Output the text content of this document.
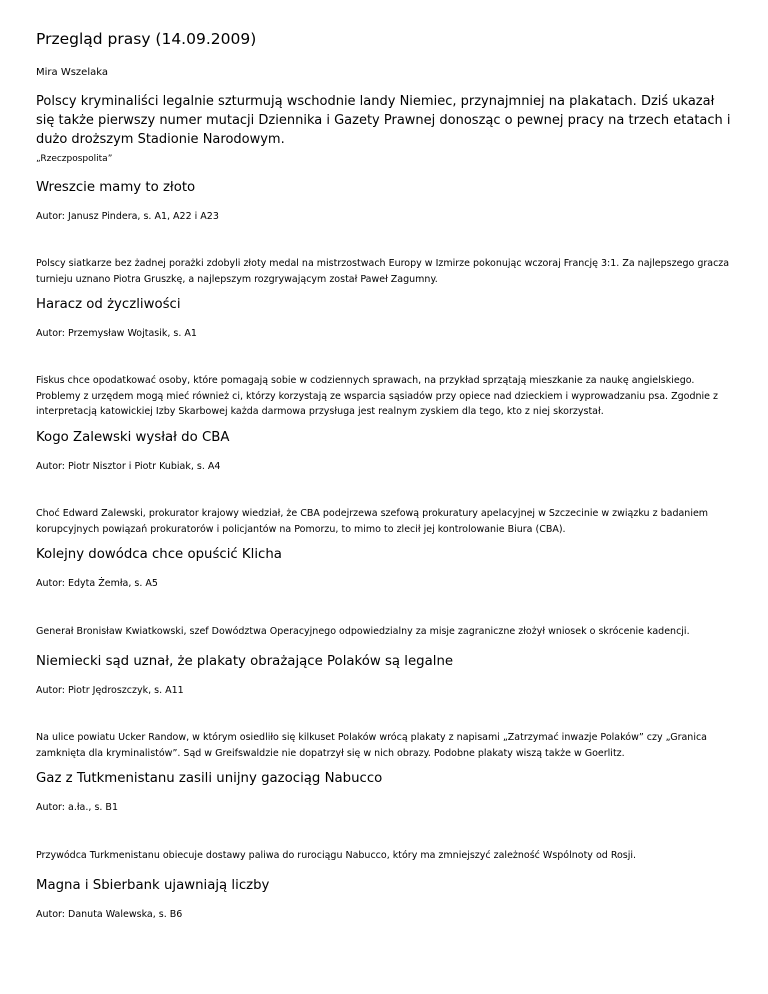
Przegląd prasy (14.09.2009)
Mira Wszelaka
Polscy kryminaliści legalnie szturmują wschodnie landy Niemiec, przynajmniej na plakatach. Dziś ukazał się także pierwszy numer mutacji Dziennika i Gazety Prawnej donosząc o pewnej pracy na trzech etatach i dużo droższym Stadionie Narodowym.
„Rzeczpospolita”
Wreszcie mamy to złoto
Autor: Janusz Pindera, s. A1, A22 i A23
Polscy siatkarze bez żadnej porażki zdobyli złoty medal na mistrzostwach Europy w Izmirze pokonując wczoraj Francję 3:1. Za najlepszego gracza turnieju uznano Piotra Gruszkę, a najlepszym rozgrywającym został Paweł Zagumny.
Haracz od życzliwości
Autor: Przemysław Wojtasik, s. A1
Fiskus chce opodatkować osoby, które pomagają sobie w codziennych sprawach, na przykład sprzątają mieszkanie za naukę angielskiego. Problemy z urzędem mogą mieć również ci, którzy korzystają ze wsparcia sąsiadów przy opiece nad dzieckiem i wyprowadzaniu psa. Zgodnie z interpretacją katowickiej Izby Skarbowej każda darmowa przysługa jest realnym zyskiem dla tego, kto z niej skorzystał.
Kogo Zalewski wysłał do CBA
Autor: Piotr Nisztor i Piotr Kubiak, s. A4
Choć Edward Zalewski, prokurator krajowy wiedział, że CBA podejrzewa szefową prokuratury apelacyjnej w Szczecinie w związku z badaniem korupcyjnych powiązań prokuratorów i policjantów na Pomorzu, to mimo to zlecił jej kontrolowanie Biura (CBA).
Kolejny dowódca chce opuścić Klicha
Autor: Edyta Żemła, s. A5
Generał Bronisław Kwiatkowski, szef Dowództwa Operacyjnego odpowiedzialny za misje zagraniczne złożył wniosek o skrócenie kadencji.
Niemiecki sąd uznał, że plakaty obrażające Polaków są legalne
Autor: Piotr Jędroszczyk, s. A11
Na ulice powiatu Ucker Randow, w którym osiedliło się kilkuset Polaków wrócą plakaty z napisami „Zatrzymać inwazje Polaków” czy „Granica zamknięta dla kryminalistów”. Sąd w Greifswaldzie nie dopatrzył się w nich obrazy. Podobne plakaty wiszą także w Goerlitz.
Gaz z Tutkmenistanu zasili unijny gazociąg Nabucco
Autor: a.ła., s. B1
Przywódca Turkmenistanu obiecuje dostawy paliwa do rurociągu Nabucco, który ma zmniejszyć zależność Wspólnoty od Rosji.
Magna i Sbierbank ujawniają liczby
Autor: Danuta Walewska, s. B6
